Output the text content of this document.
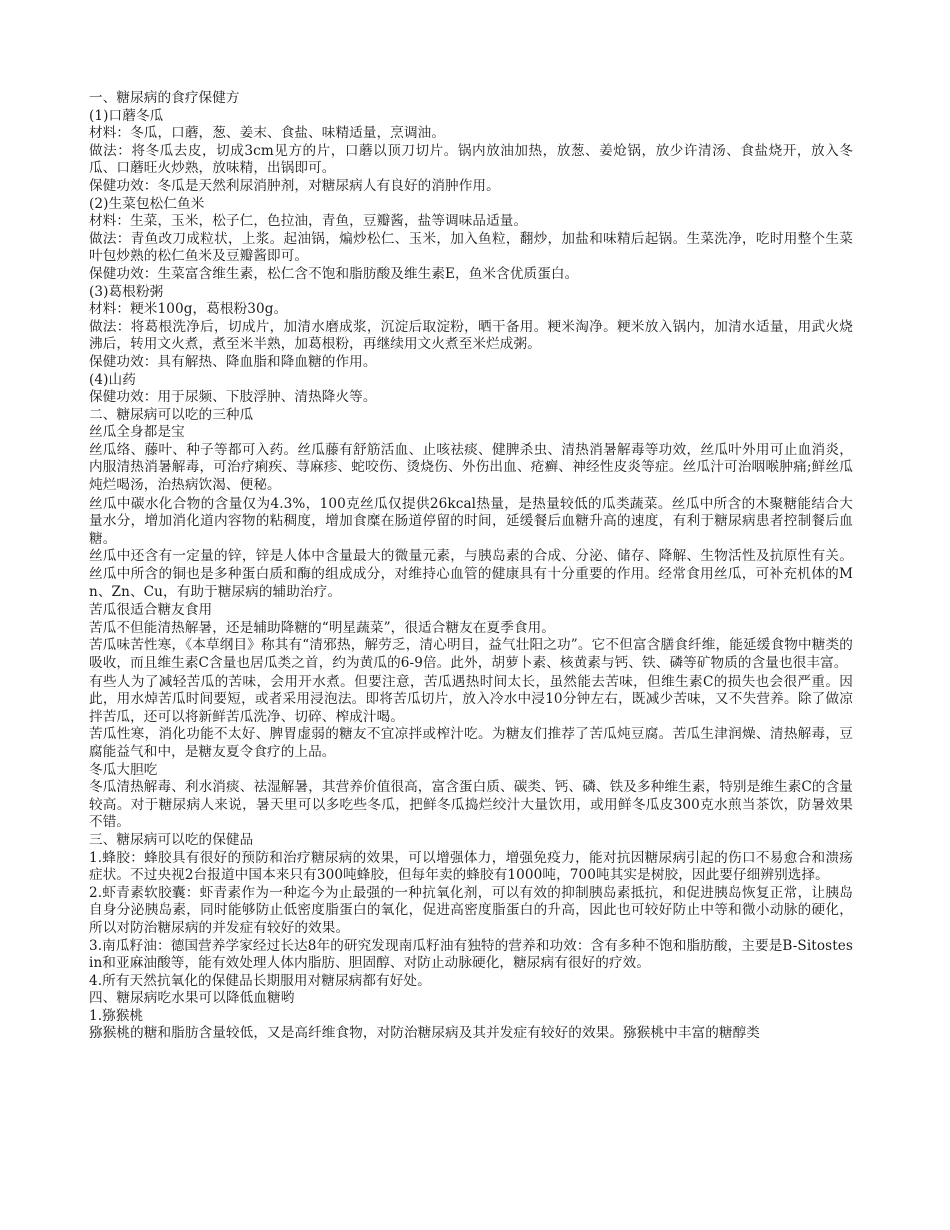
一、糖尿病的食疗保健方

(1)口蘑冬瓜

材料：冬瓜，口蘑，葱、姜末、食盐、味精适量，烹调油。

做法：将冬瓜去皮，切成3cm见方的片，口蘑以顶刀切片。锅内放油加热，放葱、姜炝锅，放少许清汤、食盐烧开，放入冬瓜、口蘑旺火炒熟，放味精，出锅即可。

保健功效：冬瓜是天然利尿消肿剂，对糖尿病人有良好的消肿作用。

(2)生菜包松仁鱼米

材料：生菜，玉米，松子仁，色拉油，青鱼，豆瓣酱，盐等调味品适量。

做法：青鱼改刀成粒状，上浆。起油锅，煸炒松仁、玉米，加入鱼粒，翻炒，加盐和味精后起锅。生菜洗净，吃时用整个生菜叶包炒熟的松仁鱼米及豆瓣酱即可。

保健功效：生菜富含维生素，松仁含不饱和脂肪酸及维生素E，鱼米含优质蛋白。

(3)葛根粉粥

材料：粳米100g，葛根粉30g。

做法：将葛根洗净后，切成片，加清水磨成浆，沉淀后取淀粉，晒干备用。粳米淘净。粳米放入锅内，加清水适量，用武火烧沸后，转用文火煮，煮至米半熟，加葛根粉，再继续用文火煮至米烂成粥。

保健功效：具有解热、降血脂和降血糖的作用。

(4)山药

保健功效：用于尿频、下肢浮肿、清热降火等。

二、糖尿病可以吃的三种瓜

丝瓜全身都是宝

丝瓜络、藤叶、种子等都可入药。丝瓜藤有舒筋活血、止咳祛痰、健脾杀虫、清热消暑解毒等功效，丝瓜叶外用可止血消炎，内服清热消暑解毒，可治疗痢疾、荨麻疹、蛇咬伤、烫烧伤、外伤出血、疮癣、神经性皮炎等症。丝瓜汁可治咽喉肿痛;鲜丝瓜炖烂喝汤，治热病饮渴、便秘。

丝瓜中碳水化合物的含量仅为4.3%，100克丝瓜仅提供26kcal热量，是热量较低的瓜类蔬菜。丝瓜中所含的木聚糖能结合大量水分，增加消化道内容物的粘稠度，增加食糜在肠道停留的时间，延缓餐后血糖升高的速度，有利于糖尿病患者控制餐后血糖。

丝瓜中还含有一定量的锌，锌是人体中含量最大的微量元素，与胰岛素的合成、分泌、储存、降解、生物活性及抗原性有关。丝瓜中所含的铜也是多种蛋白质和酶的组成成分，对维持心血管的健康具有十分重要的作用。经常食用丝瓜，可补充机体的Mn、Zn、Cu，有助于糖尿病的辅助治疗。

苦瓜很适合糖友食用

苦瓜不但能清热解暑，还是辅助降糖的“明星蔬菜”，很适合糖友在夏季食用。

苦瓜味苦性寒，《本草纲目》称其有“清邪热，解劳乏，清心明目，益气壮阳之功”。它不但富含膳食纤维，能延缓食物中糖类的吸收，而且维生素C含量也居瓜类之首，约为黄瓜的6-9倍。此外，胡萝卜素、核黄素与钙、铁、磷等矿物质的含量也很丰富。

有些人为了减轻苦瓜的苦味，会用开水煮。但要注意，苦瓜遇热时间太长，虽然能去苦味，但维生素C的损失也会很严重。因此，用水焯苦瓜时间要短，或者采用浸泡法。即将苦瓜切片，放入冷水中浸10分钟左右，既减少苦味，又不失营养。除了做凉拌苦瓜，还可以将新鲜苦瓜洗净、切碎、榨成汁喝。

苦瓜性寒，消化功能不太好、脾胃虚弱的糖友不宜凉拌或榨汁吃。为糖友们推荐了苦瓜炖豆腐。苦瓜生津润燥、清热解毒，豆腐能益气和中，是糖友夏令食疗的上品。

冬瓜大胆吃

冬瓜清热解毒、利水消痰、祛湿解暑，其营养价值很高，富含蛋白质、碳类、钙、磷、铁及多种维生素，特别是维生素C的含量较高。对于糖尿病人来说，暑天里可以多吃些冬瓜，把鲜冬瓜捣烂绞汁大量饮用，或用鲜冬瓜皮300克水煎当茶饮，防暑效果不错。

三、糖尿病可以吃的保健品

1.蜂胶：蜂胶具有很好的预防和治疗糖尿病的效果，可以增强体力，增强免疫力，能对抗因糖尿病引起的伤口不易愈合和溃疡症状。不过央视2台报道中国本来只有300吨蜂胶，但每年卖的蜂胶有1000吨，700吨其实是树胶，因此要仔细辨别选择。

2.虾青素软胶囊：虾青素作为一种迄今为止最强的一种抗氧化剂，可以有效的抑制胰岛素抵抗，和促进胰岛恢复正常，让胰岛自身分泌胰岛素，同时能够防止低密度脂蛋白的氧化，促进高密度脂蛋白的升高，因此也可较好防止中等和微小动脉的硬化，所以对防治糖尿病的并发症有较好的效果。

3.南瓜籽油：德国营养学家经过长达8年的研究发现南瓜籽油有独特的营养和功效：含有多种不饱和脂肪酸，主要是B-Sitostesin和亚麻油酸等，能有效处理人体内脂肪、胆固醇、对防止动脉硬化，糖尿病有很好的疗效。

4.所有天然抗氧化的保健品长期服用对糖尿病都有好处。

四、糖尿病吃水果可以降低血糖哟

1.猕猴桃

猕猴桃的糖和脂肪含量较低，又是高纤维食物，对防治糖尿病及其并发症有较好的效果。猕猴桃中丰富的糖醇类
